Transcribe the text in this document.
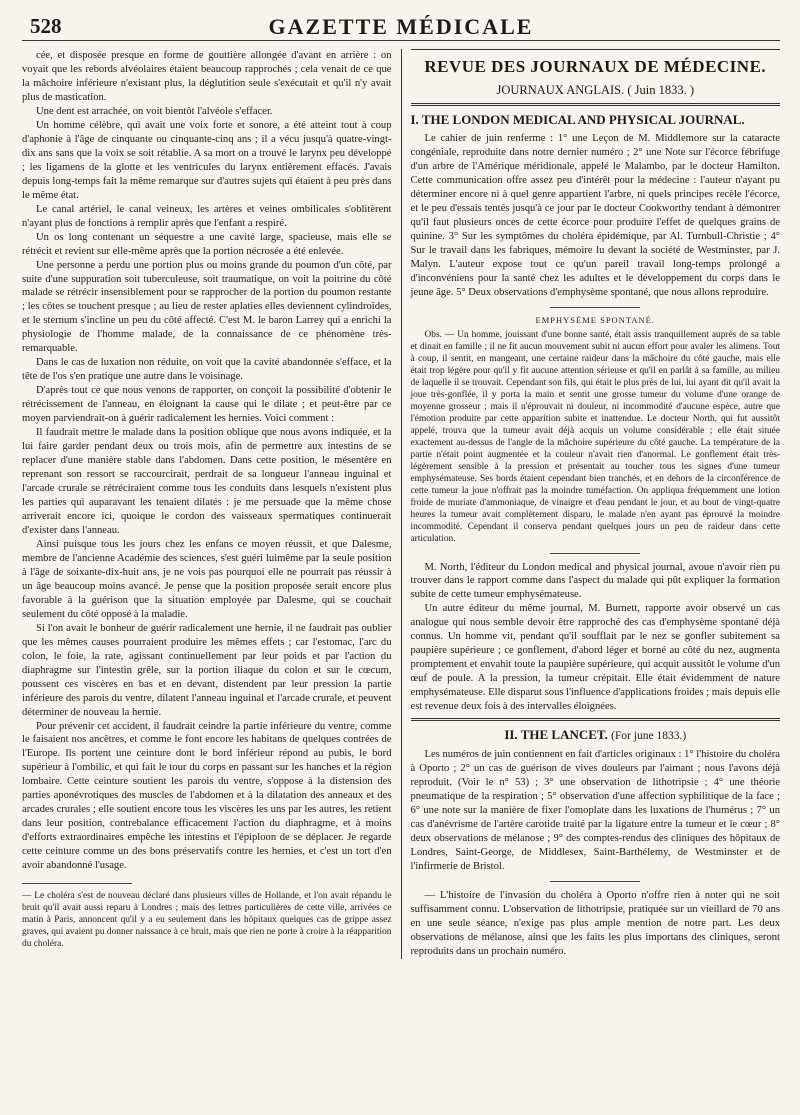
528	GAZETTE MÉDICALE

cée, et disposée presque en forme de gouttière allongée d'avant en arrière : on voyait que les rebords alvéolaires étaient beaucoup rapprochés ; cela venait de ce que la mâchoire inférieure n'existant plus, la déglutition seule s'exécutait et qu'il n'y avait plus de mastication.

Une dent est arrachée, on voit bientôt l'alvéole s'effacer.

Un homme célèbre, qui avait une voix forte et sonore, a été atteint tout à coup d'aphonie à l'âge de cinquante ou cinquante-cinq ans ; il a vécu jusqu'à quatre-vingt-dix ans sans que la voix se soit rétablie. A sa mort on a trouvé le larynx peu développé ; les ligamens de la glotte et les ventricules du larynx entièrement effacés. J'avais depuis long-temps fait la même remarque sur d'autres sujets qui étaient à peu près dans le même état.

Le canal artériel, le canal veineux, les artères et veines ombilicales s'oblitèrent n'ayant plus de fonctions à remplir après que l'enfant a respiré.

Un os long contenant un séquestre a une cavité large, spacieuse, mais elle se rétrécit et revient sur elle-même après que la portion nécrosée a été enlevée.

Une personne a perdu une portion plus ou moins grande du poumon d'un côté, par suite d'une suppuration soit tuberculeuse, soit traumatique, on voit la poitrine du côté malade se rétrécir insensiblement pour se rapprocher de la portion du poumon restante ; les côtes se touchent presque ; au lieu de rester aplaties elles deviennent cylindroïdes, et le sternum s'incline un peu du côté affecté. C'est M. le baron Larrey qui a enrichi la physiologie de l'homme malade, de la connaissance de ce phénomène très-remarquable.

Dans le cas de luxation non réduite, on voit que la cavité abandonnée s'efface, et la tête de l'os s'en pratique une autre dans le voisinage.

D'après tout ce que nous venons de rapporter, on conçoit la possibilité d'obtenir le rétrécissement de l'anneau, en éloignant la cause qui le dilate ; et peut-être par ce moyen parviendrait-on à guérir radicalement les hernies. Voici comment :

Il faudrait mettre le malade dans la position oblique que nous avons indiquée, et la lui faire garder pendant deux ou trois mois, afin de permettre aux intestins de se replacer d'une manière stable dans l'abdomen. Dans cette position, le mésentère en reprenant son ressort se raccourcirait, perdrait de sa longueur l'anneau inguinal et l'arcade crurale se rétréciraient comme tous les conduits dans lesquels n'existent plus les parties qui auparavant les tenaient dilatés : je me persuade que la même chose arriverait encore ici, quoique le cordon des vaisseaux spermatiques continuerait d'exister dans l'anneau.

Ainsi puisque tous les jours chez les enfans ce moyen réussit, et que Dalesme, membre de l'ancienne Académie des sciences, s'est guéri luimême par la seule position à l'âge de soixante-dix-huit ans, je ne vois pas pourquoi elle ne pourrait pas réussir à un âge beaucoup moins avancé. Je pense que la position proposée serait encore plus favorable à la guérison que la situation employée par Dalesme, qui se couchait seulement du côté opposé à la maladie.

Si l'on avait le bonheur de guérir radicalement une hernie, il ne faudrait pas oublier que les mêmes causes pourraient produire les mêmes effets ; car l'estomac, l'arc du colon, le foie, la rate, agissant continuellement par leur poids et par l'action du diaphragme sur l'intestin grêle, sur la portion iliaque du colon et sur le cœcum, poussent ces viscères en bas et en devant, distendent par leur pression la partie inférieure des parois du ventre, dilatent l'anneau inguinal et l'arcade crurale, et peuvent déterminer de nouveau la hernie.

Pour prévenir cet accident, il faudrait ceindre la partie inférieure du ventre, comme le faisaient nos ancêtres, et comme le font encore les habitans de quelques contrées de l'Europe. Ils portent une ceinture dont le bord inférieur répond au pubis, le bord supérieur à l'ombilic, et qui fait le tour du corps en passant sur les hanches et la région lombaire. Cette ceinture soutient les parois du ventre, s'oppose à la distension des parties aponévrotiques des muscles de l'abdomen et à la dilatation des anneaux et des arcades crurales ; elle soutient encore tous les viscères les uns par les autres, les retient dans leur position, contrebalance efficacement l'action du diaphragme, et à moins d'efforts extraordinaires empêche les intestins et l'épiploon de se déplacer. Je regarde cette ceinture comme un des bons préservatifs contre les hernies, et c'est un tort d'en avoir abandonné l'usage.

— Le choléra s'est de nouveau déclaré dans plusieurs villes de Hollande, et l'on avait répandu le bruit qu'il avait aussi reparu à Londres ; mais des lettres particulières de cette ville, arrivées ce matin à Paris, annoncent qu'il y a eu seulement dans les hôpitaux quelques cas de grippe assez graves, qui avaient pu donner naissance à ce bruit, mais que rien ne porte à croire à la réapparition du choléra.

REVUE DES JOURNAUX DE MÉDECINE.
JOURNAUX ANGLAIS. ( Juin 1833. )
I. THE LONDON MEDICAL AND PHYSICAL JOURNAL.

Le cahier de juin renferme : 1° une Leçon de M. Middlemore sur la cataracte congéniale, reproduite dans notre dernier numéro ; 2° une Note sur l'écorce fébrifuge d'un arbre de l'Amérique méridionale, appelé le Malambo, par le docteur Hamilton. Cette communication offre assez peu d'intérêt pour la médecine : l'auteur n'ayant pu déterminer encore ni à quel genre appartient l'arbre, ni quels principes recèle l'écorce, et le peu d'essais tentés jusqu'à ce jour par le docteur Cookworthy tendant à démontrer qu'il faut plusieurs onces de cette écorce pour produire l'effet de quelques grains de quinine. 3° Sur les symptômes du choléra épidémique, par Al. Turnbull-Christie ; 4° Sur le travail dans les fabriques, mémoire lu devant la société de Westminster, par J. Malyn. L'auteur expose tout ce qu'un pareil travail long-temps prolongé a d'inconvéniens pour la santé chez les adultes et le développement du corps dans le jeune âge. 5° Deux observations d'emphysème spontané, que nous allons reproduire.

EMPHYSÈME SPONTANÉ.

Obs. — Un homme, jouissant d'une bonne santé, était assis tranquillement auprès de sa table et dinait en famille ; il ne fit aucun mouvement subit ni aucun effort pour avaler les alimens. Tout à coup, il sentit, en mangeant, une certaine raideur dans la mâchoire du côté gauche, mais elle était trop légère pour qu'il y fit aucune attention sérieuse et qu'il en parlât à sa famille, au milieu de laquelle il se trouvait. Cependant son fils, qui était le plus près de lui, lui ayant dit qu'il avait la joue très-gonflée, il y porta la main et sentit une grosse tumeur du volume d'une orange de moyenne grosseur ; mais il n'éprouvait ni douleur, ni incommodité d'aucune espèce, autre que l'émotion produite par cette apparition subite et inattendue. Le docteur North, qui fut aussitôt appelé, trouva que la tumeur avait déjà acquis un volume considérable ; elle était située exactement au-dessus de l'angle de la mâchoire supérieure du côté gauche. La température de la partie n'était point augmentée et la couleur n'avait rien d'anormal. Le gonflement était très-légèrement sensible à la pression et présentait au toucher tous les signes d'une tumeur emphysémateuse. Ses bords étaient cependant bien tranchés, et en dehors de la circonférence de cette tumeur la joue n'offrait pas la moindre tuméfaction. On appliqua fréquemment une lotion froide de muriate d'ammoniaque, de vinaigre et d'eau pendant le jour, et au bout de vingt-quatre heures la tumeur avait complètement disparu, le malade n'en ayant pas éprouvé la moindre incommodité. Cependant il conserva pendant quelques jours un peu de raideur dans cette articulation.

M. North, l'éditeur du London medical and physical journal, avoue n'avoir rien pu trouver dans le rapport comme dans l'aspect du malade qui pût expliquer la formation subite de cette tumeur emphysémateuse.

Un autre éditeur du même journal, M. Burnett, rapporte avoir observé un cas analogue qui nous semble devoir être rapproché des cas d'emphysème spontané déjà connus. Un homme vit, pendant qu'il soufflait par le nez se gonfler subitement sa paupière supérieure ; ce gonflement, d'abord léger et borné au côté du nez, augmenta promptement et envahit toute la paupière supérieure, qui acquit aussitôt le volume d'un œuf de poule. A la pression, la tumeur crépitait. Elle était évidemment de nature emphysémateuse. Elle disparut sous l'influence d'applications froides ; mais depuis elle est revenue deux fois à des intervalles éloignées.

II. THE LANCET. (For june 1833.)

Les numéros de juin contiennent en fait d'articles originaux : 1° l'histoire du choléra à Oporto ; 2° un cas de guérison de vives douleurs par l'aimant ; nous l'avons déjà reproduit. (Voir le n° 53) ; 3° une observation de lithotripsie ; 4° une théorie pneumatique de la respiration ; 5° observation d'une affection syphilitique de la face ; 6° une note sur la manière de fixer l'omoplate dans les luxations de l'humérus ; 7° un cas d'anévrisme de l'artère carotide traité par la ligature entre la tumeur et le cœur ; 8° deux observations de mélanose ; 9° des comptes-rendus des cliniques des hôpitaux de Londres, Saint-George, de Middlesex, Saint-Barthélemy, de Westminster et de l'infirmerie de Bristol.

— L'histoire de l'invasion du choléra à Oporto n'offre rien à noter qui ne soit suffisamment connu. L'observation de lithotripsie, pratiquée sur un vieillard de 70 ans en une seule séance, n'exige pas plus ample mention de notre part. Les deux observations de mélanose, ainsi que les faits les plus importans des cliniques, seront reproduits dans un prochain numéro.
